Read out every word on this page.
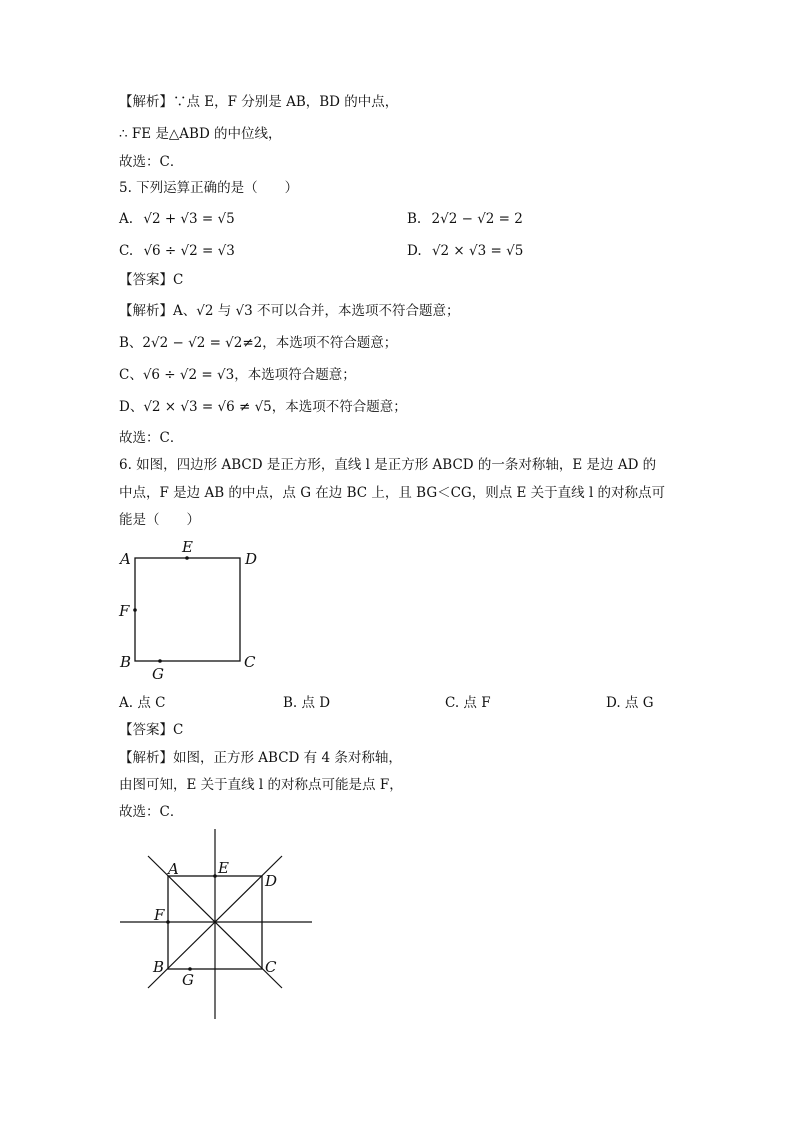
【解析】∵点 E，F 分别是 AB，BD 的中点，
∴ FE 是△ABD 的中位线，
故选：C．
5. 下列运算正确的是（　　）
A. √2 + √3 = √5	B. 2√2 − √2 = 2
C. √6 ÷ √2 = √3	D. √2 × √3 = √5
【答案】C
【解析】A、√2 与 √3 不可以合并，本选项不符合题意；
B、2√2 − √2 = √2≠2，本选项不符合题意；
C、√6 ÷ √2 = √3，本选项符合题意；
D、√2 × √3 = √6 ≠ √5，本选项不符合题意；
故选：C．
6. 如图，四边形 ABCD 是正方形，直线 l 是正方形 ABCD 的一条对称轴，E 是边 AD 的
中点，F 是边 AB 的中点，点 G 在边 BC 上，且 BG＜CG，则点 E 关于直线 l 的对称点可
能是（　　）
A
E
D
F
B
G
C
A. 点 C	B. 点 D	C. 点 F	D. 点 G
【答案】C
【解析】如图，正方形 ABCD 有 4 条对称轴，
由图可知，E 关于直线 l 的对称点可能是点 F，
故选：C．
A	E
D
F
B
G
C
